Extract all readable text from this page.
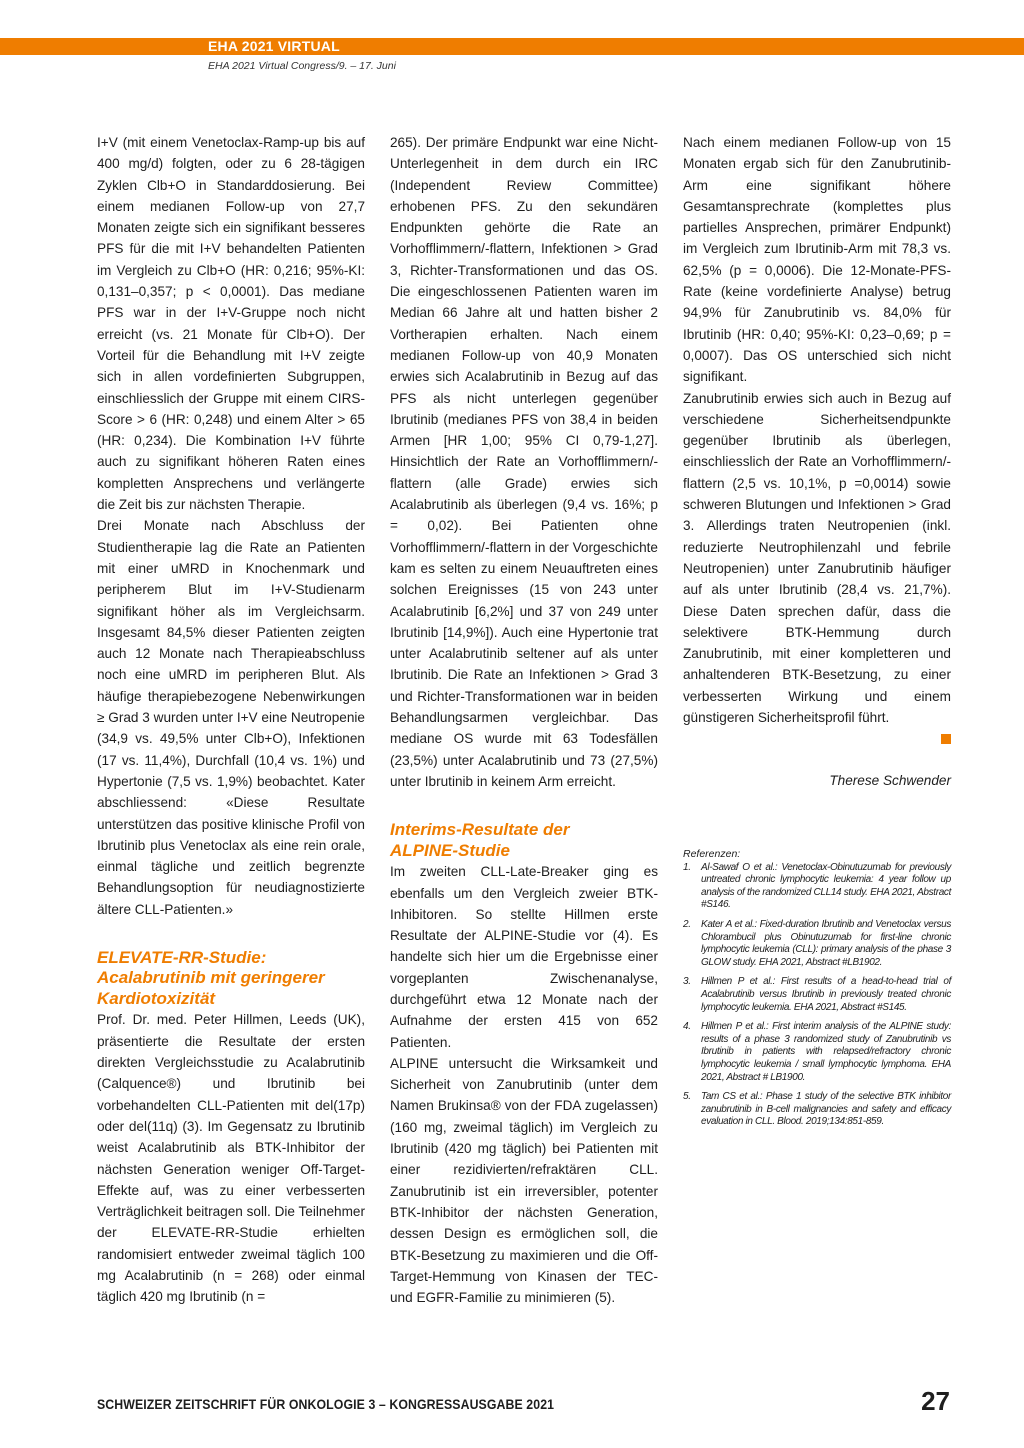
EHA 2021 VIRTUAL
EHA 2021 Virtual Congress/9. – 17. Juni

I+V (mit einem Venetoclax-Ramp-up bis auf 400 mg/d) folgten, oder zu 6 28-tägigen Zyklen Clb+O in Standarddosierung. Bei einem medianen Follow-up von 27,7 Monaten zeigte sich ein signifikant besseres PFS für die mit I+V behandelten Patienten im Vergleich zu Clb+O (HR: 0,216; 95%-KI: 0,131–0,357; p < 0,0001). Das mediane PFS war in der I+V-Gruppe noch nicht erreicht (vs. 21 Monate für Clb+O). Der Vorteil für die Behandlung mit I+V zeigte sich in allen vordefinierten Subgruppen, einschliesslich der Gruppe mit einem CIRS-Score > 6 (HR: 0,248) und einem Alter > 65 (HR: 0,234). Die Kombination I+V führte auch zu signifikant höheren Raten eines kompletten Ansprechens und verlängerte die Zeit bis zur nächsten Therapie.

Drei Monate nach Abschluss der Studientherapie lag die Rate an Patienten mit einer uMRD in Knochenmark und peripherem Blut im I+V-Studienarm signifikant höher als im Vergleichsarm. Insgesamt 84,5% dieser Patienten zeigten auch 12 Monate nach Therapieabschluss noch eine uMRD im peripheren Blut. Als häufige therapiebezogene Nebenwirkungen ≥ Grad 3 wurden unter I+V eine Neutropenie (34,9 vs. 49,5% unter Clb+O), Infektionen (17 vs. 11,4%), Durchfall (10,4 vs. 1%) und Hypertonie (7,5 vs. 1,9%) beobachtet. Kater abschliessend: «Diese Resultate unterstützen das positive klinische Profil von Ibrutinib plus Venetoclax als eine rein orale, einmal tägliche und zeitlich begrenzte Behandlungsoption für neudiagnostizierte ältere CLL-Patienten.»

ELEVATE-RR-Studie:
Acalabrutinib mit geringerer
Kardiotoxizität

Prof. Dr. med. Peter Hillmen, Leeds (UK), präsentierte die Resultate der ersten direkten Vergleichsstudie zu Acalabrutinib (Calquence®) und Ibrutinib bei vorbehandelten CLL-Patienten mit del(17p) oder del(11q) (3). Im Gegensatz zu Ibrutinib weist Acalabrutinib als BTK-Inhibitor der nächsten Generation weniger Off-Target-Effekte auf, was zu einer verbesserten Verträglichkeit beitragen soll. Die Teilnehmer der ELEVATE-RR-Studie erhielten randomisiert entweder zweimal täglich 100 mg Acalabrutinib (n = 268) oder einmal täglich 420 mg Ibrutinib (n =

265). Der primäre Endpunkt war eine Nicht-Unterlegenheit in dem durch ein IRC (Independent Review Committee) erhobenen PFS. Zu den sekundären Endpunkten gehörte die Rate an Vorhofflimmern/-flattern, Infektionen > Grad 3, Richter-Transformationen und das OS. Die eingeschlossenen Patienten waren im Median 66 Jahre alt und hatten bisher 2 Vortherapien erhalten. Nach einem medianen Follow-up von 40,9 Monaten erwies sich Acalabrutinib in Bezug auf das PFS als nicht unterlegen gegenüber Ibrutinib (medianes PFS von 38,4 in beiden Armen [HR 1,00; 95% CI 0,79-1,27]. Hinsichtlich der Rate an Vorhofflimmern/-flattern (alle Grade) erwies sich Acalabrutinib als überlegen (9,4 vs. 16%; p = 0,02). Bei Patienten ohne Vorhofflimmern/-flattern in der Vorgeschichte kam es selten zu einem Neuauftreten eines solchen Ereignisses (15 von 243 unter Acalabrutinib [6,2%] und 37 von 249 unter Ibrutinib [14,9%]). Auch eine Hypertonie trat unter Acalabrutinib seltener auf als unter Ibrutinib. Die Rate an Infektionen > Grad 3 und Richter-Transformationen war in beiden Behandlungsarmen vergleichbar. Das mediane OS wurde mit 63 Todesfällen (23,5%) unter Acalabrutinib und 73 (27,5%) unter Ibrutinib in keinem Arm erreicht.

Interims-Resultate der
ALPINE-Studie

Im zweiten CLL-Late-Breaker ging es ebenfalls um den Vergleich zweier BTK-Inhibitoren. So stellte Hillmen erste Resultate der ALPINE-Studie vor (4). Es handelte sich hier um die Ergebnisse einer vorgeplanten Zwischenanalyse, durchgeführt etwa 12 Monate nach der Aufnahme der ersten 415 von 652 Patienten.

ALPINE untersucht die Wirksamkeit und Sicherheit von Zanubrutinib (unter dem Namen Brukinsa® von der FDA zugelassen) (160 mg, zweimal täglich) im Vergleich zu Ibrutinib (420 mg täglich) bei Patienten mit einer rezidivierten/refraktären CLL. Zanubrutinib ist ein irreversibler, potenter BTK-Inhibitor der nächsten Generation, dessen Design es ermöglichen soll, die BTK-Besetzung zu maximieren und die Off-Target-Hemmung von Kinasen der TEC- und EGFR-Familie zu minimieren (5).

Nach einem medianen Follow-up von 15 Monaten ergab sich für den Zanubrutinib-Arm eine signifikant höhere Gesamtansprechrate (komplettes plus partielles Ansprechen, primärer Endpunkt) im Vergleich zum Ibrutinib-Arm mit 78,3 vs. 62,5% (p = 0,0006). Die 12-Monate-PFS-Rate (keine vordefinierte Analyse) betrug 94,9% für Zanubrutinib vs. 84,0% für Ibrutinib (HR: 0,40; 95%-KI: 0,23–0,69; p = 0,0007). Das OS unterschied sich nicht signifikant.

Zanubrutinib erwies sich auch in Bezug auf verschiedene Sicherheitsendpunkte gegenüber Ibrutinib als überlegen, einschliesslich der Rate an Vorhofflimmern/-flattern (2,5 vs. 10,1%, p =0,0014) sowie schweren Blutungen und Infektionen > Grad 3. Allerdings traten Neutropenien (inkl. reduzierte Neutrophilenzahl und febrile Neutropenien) unter Zanubrutinib häufiger auf als unter Ibrutinib (28,4 vs. 21,7%). Diese Daten sprechen dafür, dass die selektivere BTK-Hemmung durch Zanubrutinib, mit einer kompletteren und anhaltenderen BTK-Besetzung, zu einer verbesserten Wirkung und einem günstigeren Sicherheitsprofil führt.

Therese Schwender

Referenzen:

1. Al-Sawaf O et al.: Venetoclax-Obinutuzumab for previously untreated chronic lymphocytic leukemia: 4 year follow up analysis of the randomized CLL14 study. EHA 2021, Abstract #S146.
2. Kater A et al.: Fixed-duration Ibrutinib and Venetoclax versus Chlorambucil plus Obinutuzumab for first-line chronic lymphocytic leukemia (CLL): primary analysis of the phase 3 GLOW study. EHA 2021, Abstract #LB1902.
3. Hillmen P et al.: First results of a head-to-head trial of Acalabrutinib versus Ibrutinib in previously treated chronic lymphocytic leukemia. EHA 2021, Abstract #S145.
4. Hillmen P et al.: First interim analysis of the ALPINE study: results of a phase 3 randomized study of Zanubrutinib vs Ibrutinib in patients with relapsed/refractory chronic lymphocytic leukemia / small lymphocytic lymphoma. EHA 2021, Abstract # LB1900.
5. Tam CS et al.: Phase 1 study of the selective BTK inhibitor zanubrutinib in B-cell malignancies and safety and efficacy evaluation in CLL. Blood. 2019;134:851-859.
SCHWEIZER ZEITSCHRIFT FÜR ONKOLOGIE 3 – KONGRESSAUSGABE 2021	27
